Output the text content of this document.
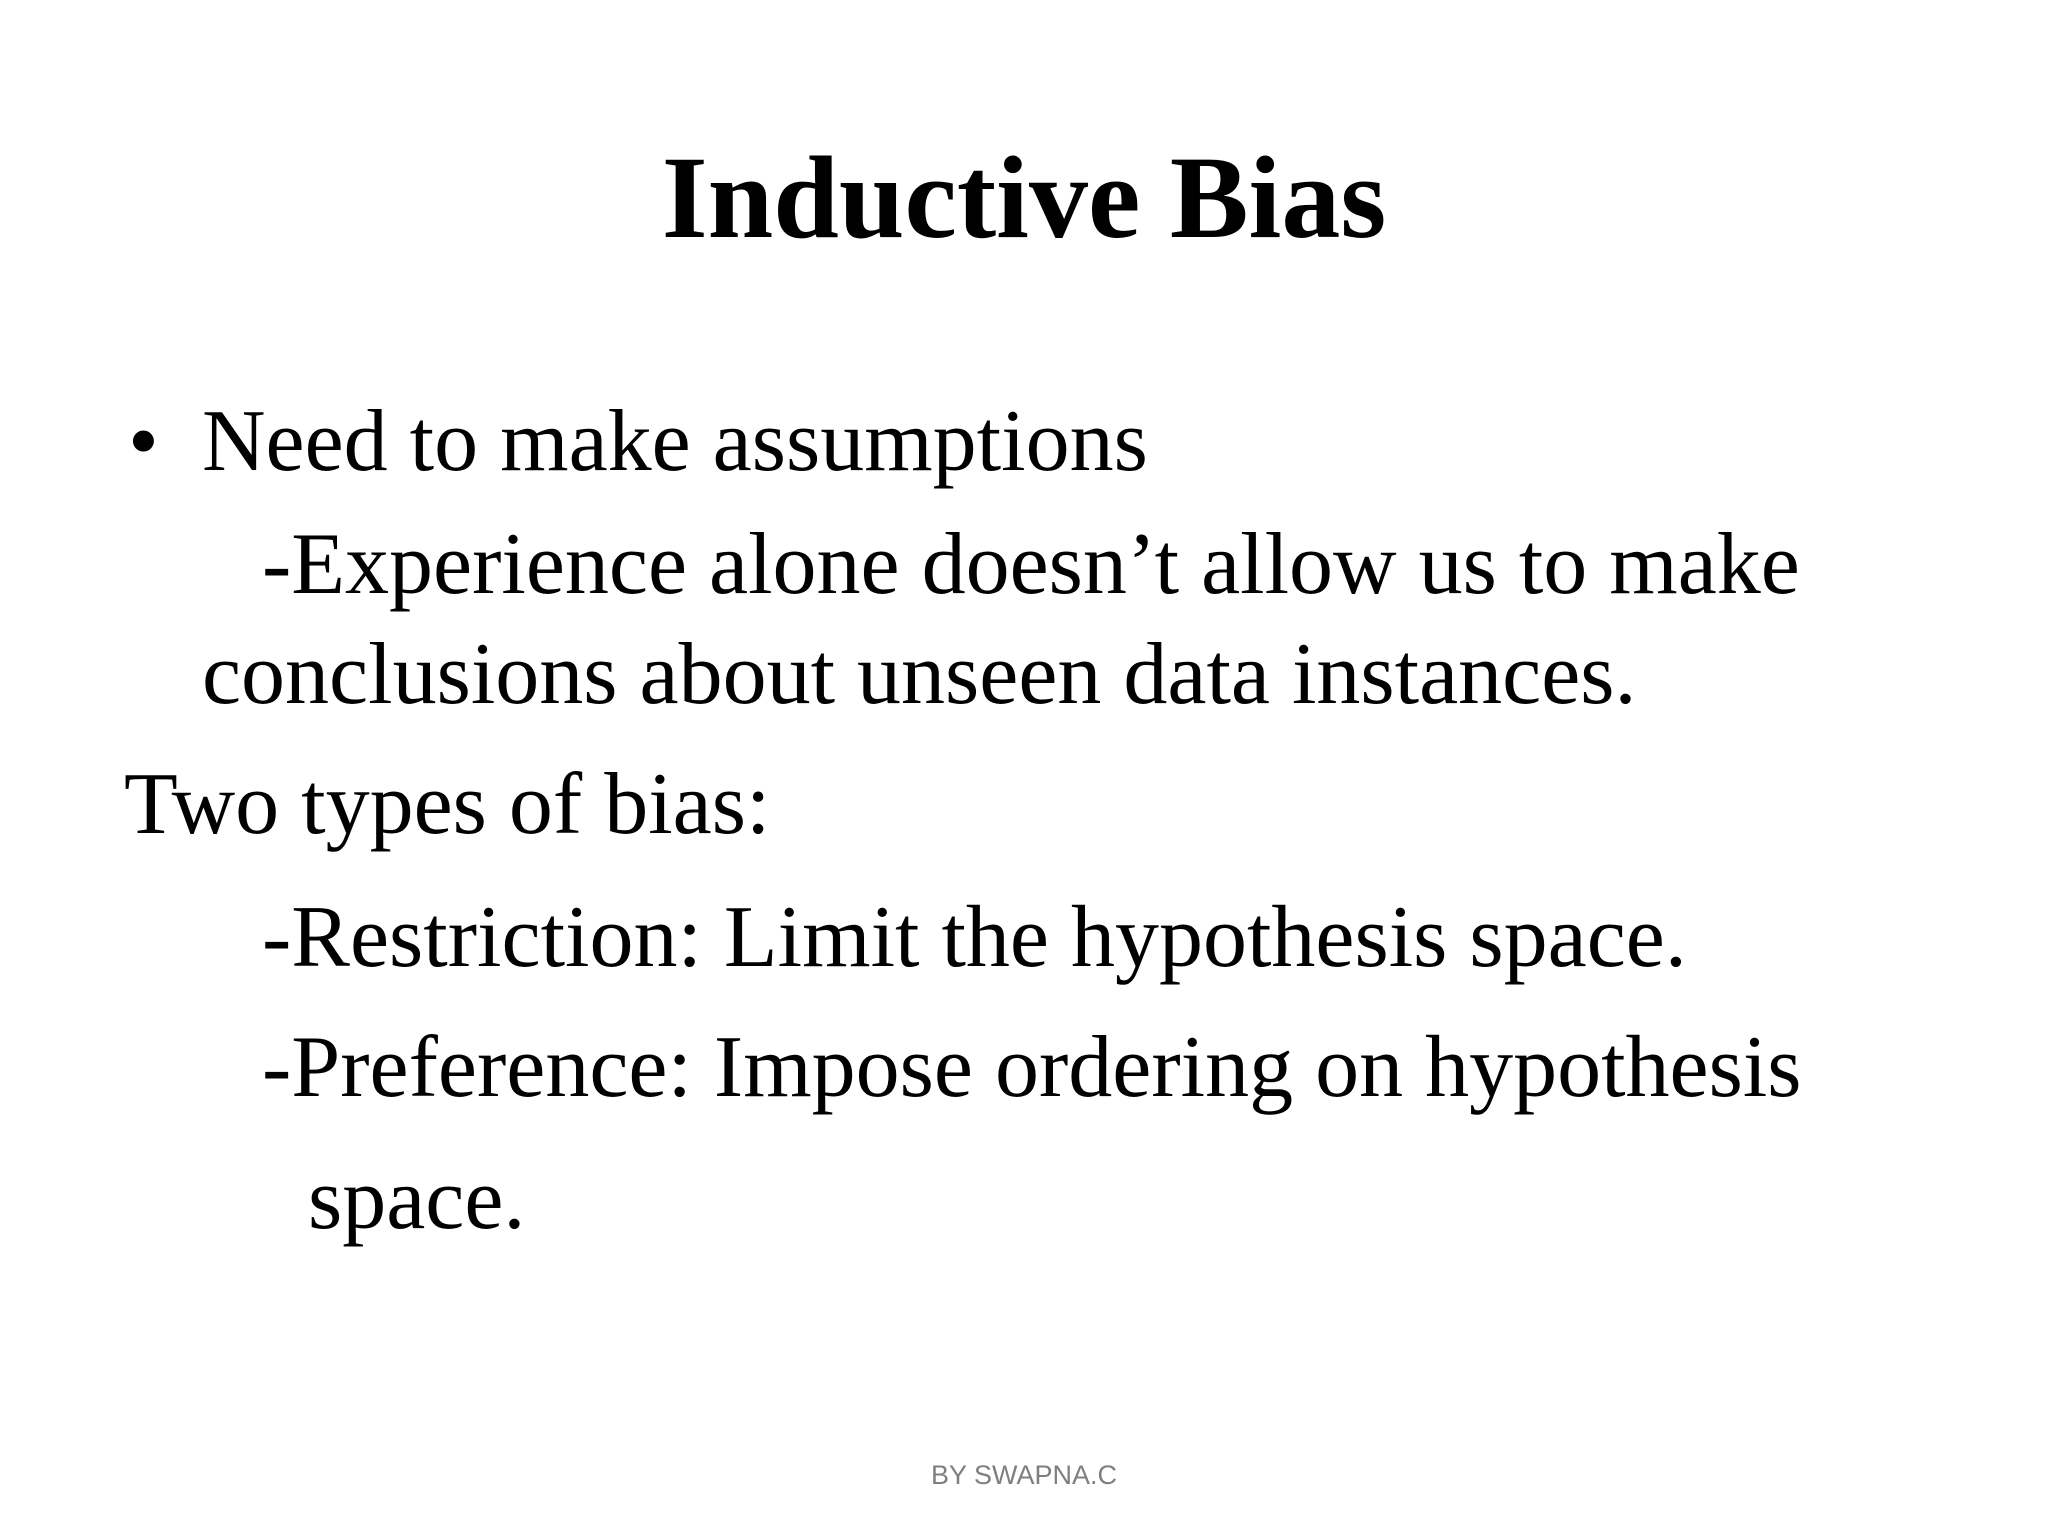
Inductive Bias
• Need to make assumptions
-Experience alone doesn’t allow us to make
conclusions about unseen data instances.
Two types of bias:
-Restriction: Limit the hypothesis space.
-Preference: Impose ordering on hypothesis
space.
BY SWAPNA.C
